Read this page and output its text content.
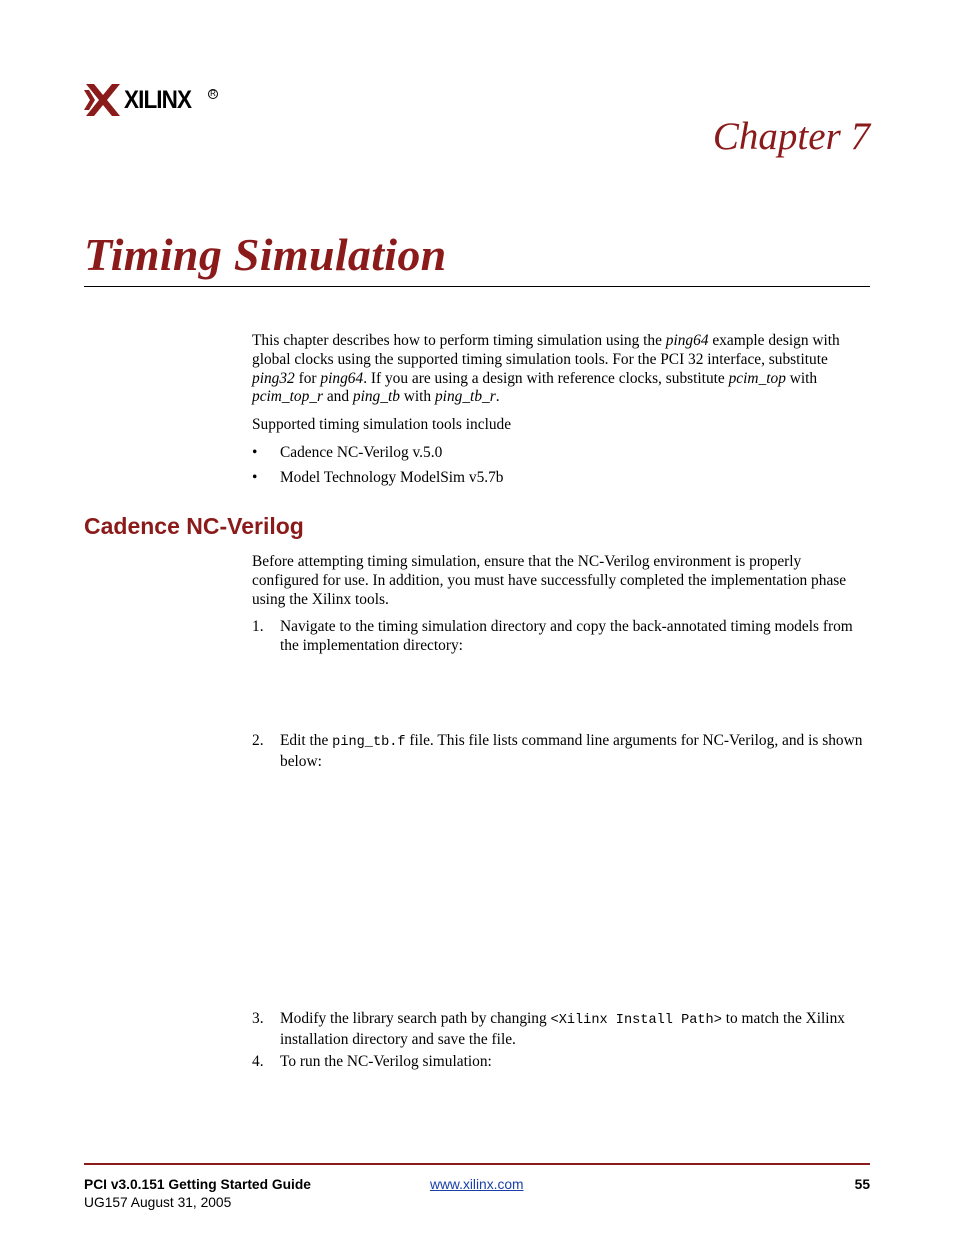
XILINX R
Chapter 7
Timing Simulation
This chapter describes how to perform timing simulation using the ping64 example design with global clocks using the supported timing simulation tools. For the PCI 32 interface, substitute ping32 for ping64. If you are using a design with reference clocks, substitute pcim_top with pcim_top_r and ping_tb with ping_tb_r.
Supported timing simulation tools include
• Cadence NC-Verilog v.5.0
• Model Technology ModelSim v5.7b
Cadence NC-Verilog
Before attempting timing simulation, ensure that the NC-Verilog environment is properly configured for use. In addition, you must have successfully completed the implementation phase using the Xilinx tools.
1. Navigate to the timing simulation directory and copy the back-annotated timing models from the implementation directory:
2. Edit the ping_tb.f file. This file lists command line arguments for NC-Verilog, and is shown below:
3. Modify the library search path by changing <Xilinx Install Path> to match the Xilinx installation directory and save the file.
4. To run the NC-Verilog simulation:
PCI v3.0.151 Getting Started Guide
UG157 August 31, 2005
www.xilinx.com	55
